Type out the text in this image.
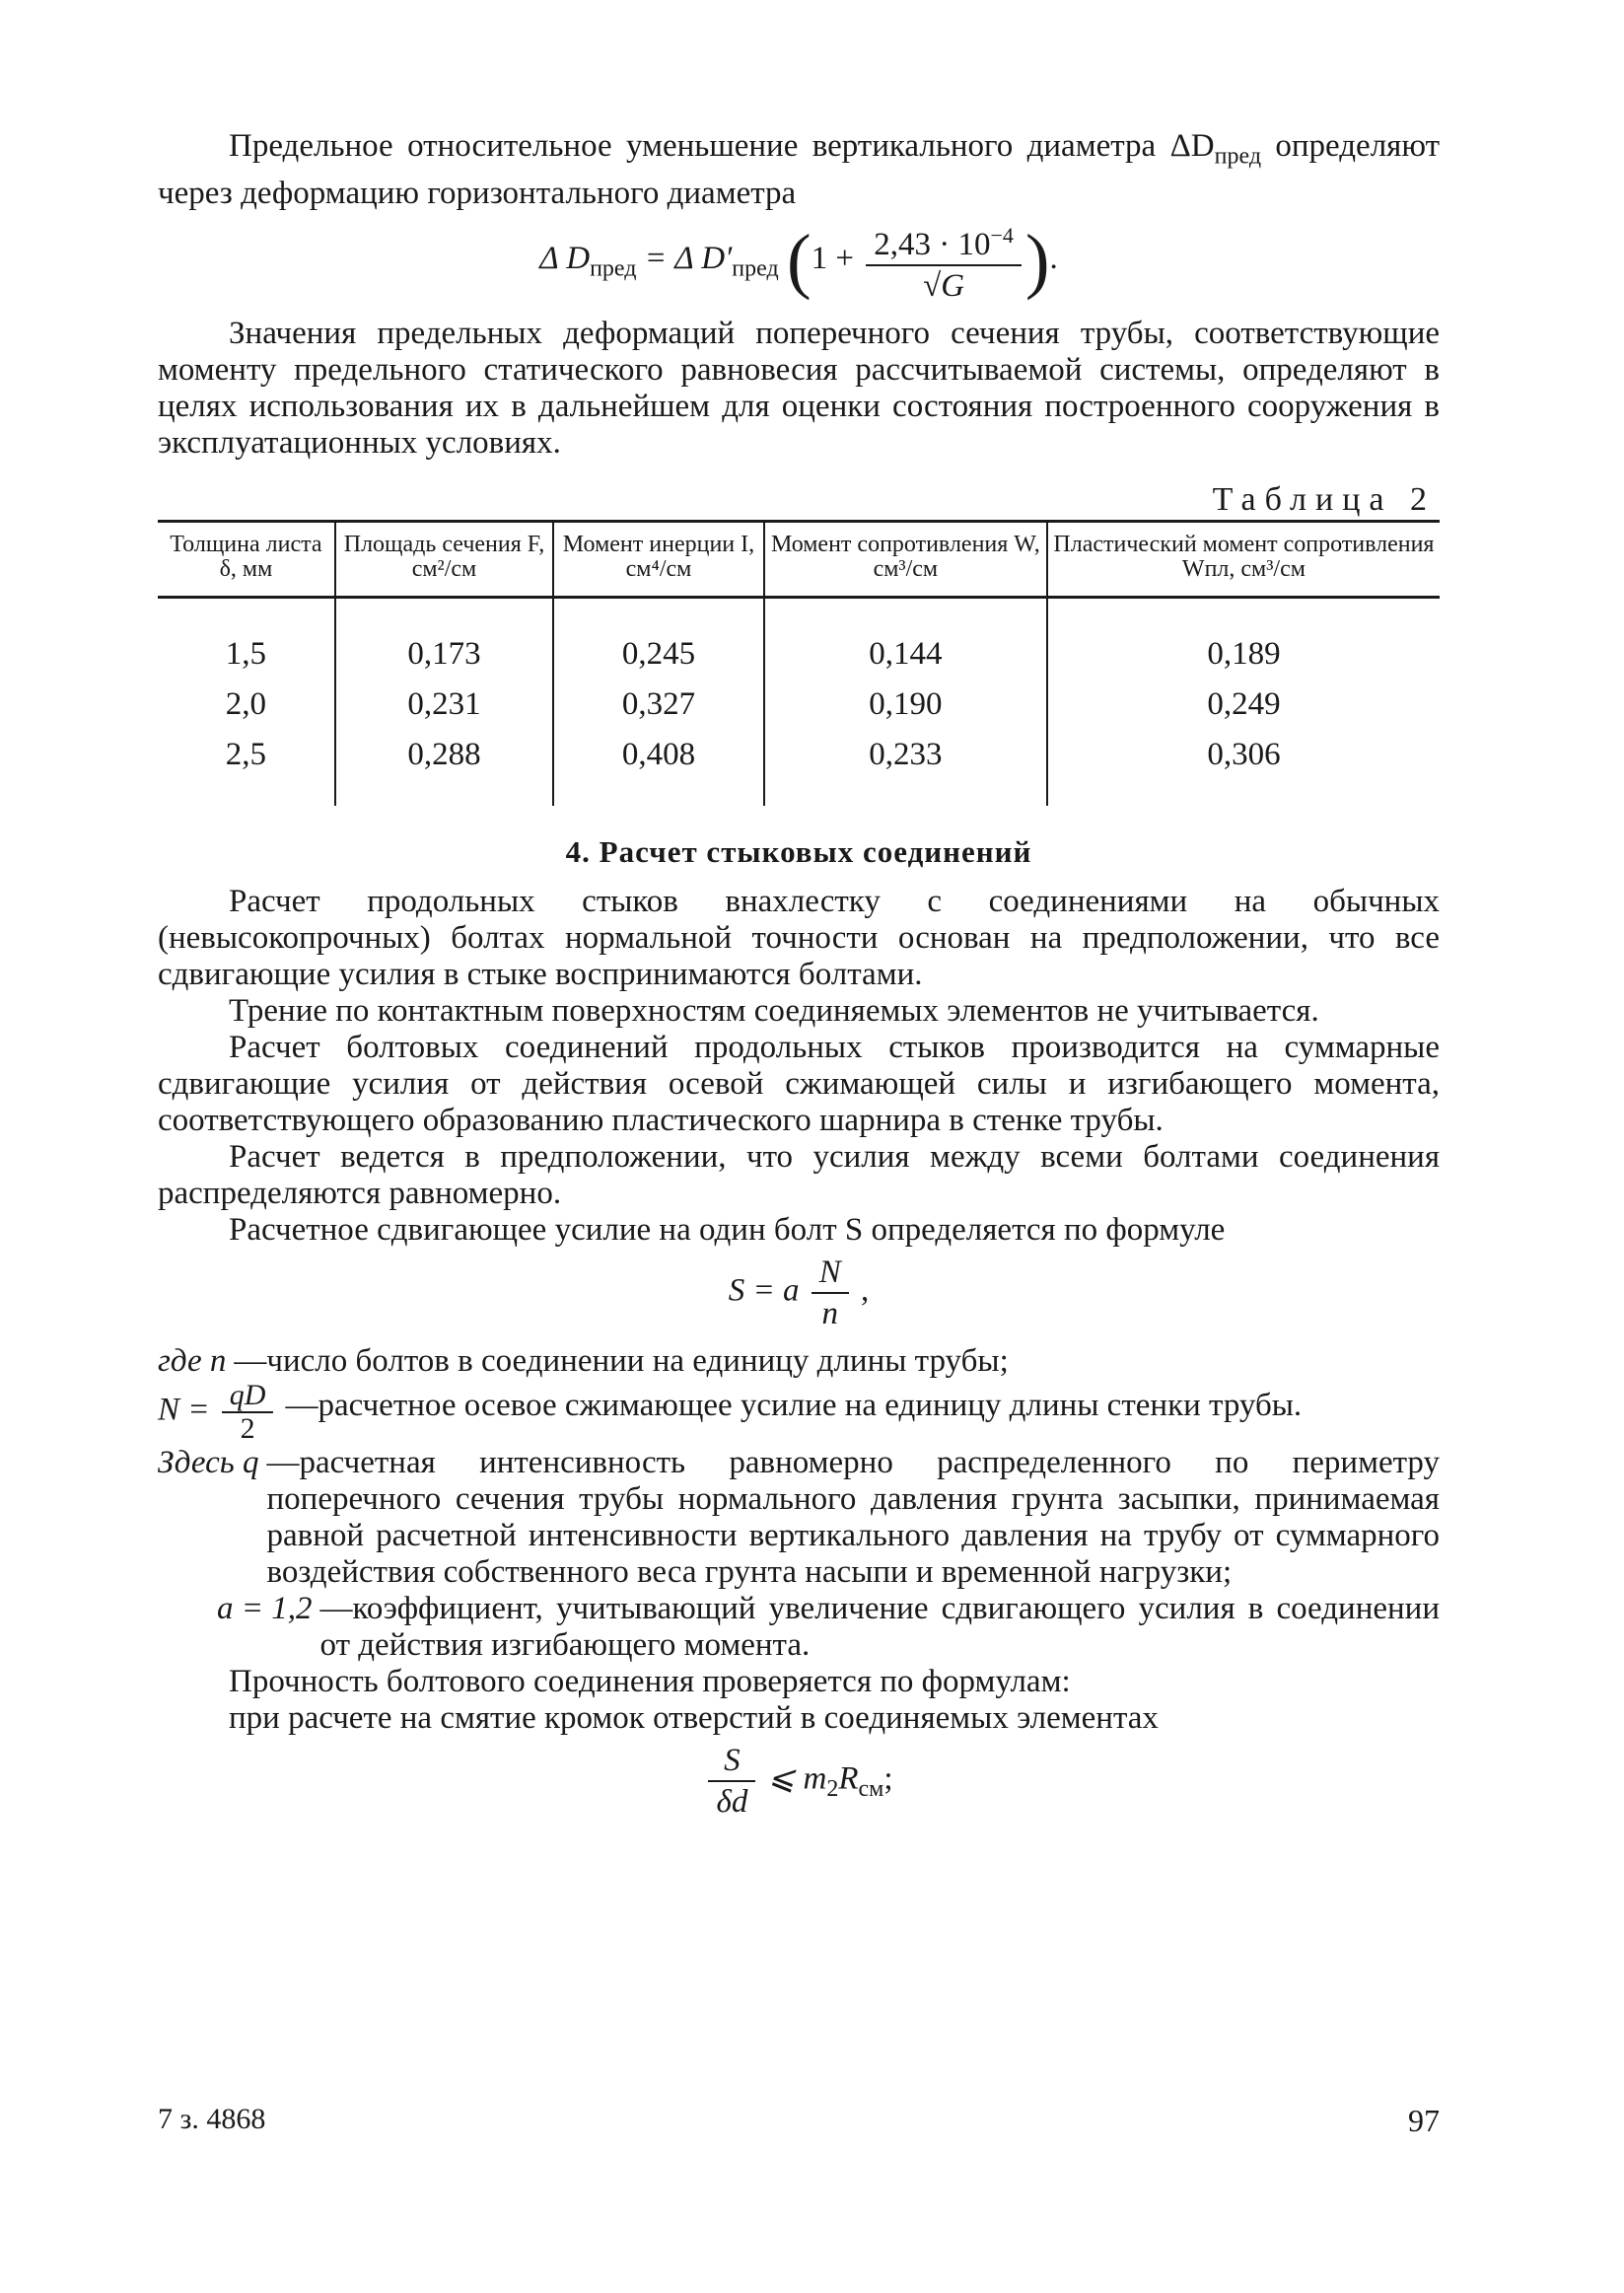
Предельное относительное уменьшение вертикального диаметра $\Delta D_{пред}$ определяют через деформацию горизонтального диаметра

Δ $D_{пред} = \Delta$ $D'_{пред}$ ($1 + \frac{2,43 \cdot 10^{-4}}{√G}$ ).

Значения предельных деформаций поперечного сечения трубы, соответствующие моменту предельного статического равновесия рассчитываемой системы, определяют в целях использования их в дальнейшем для оценки состояния построенного сооружения в эксплуатационных условиях.

Таблица 2
Толщина листа δ, мм	Площадь сечения F, см²/см	Момент инерции I, см⁴/см	Момент сопротивления W, см³/см	Пластический момент сопротивления Wпл, см³/см
1,5	0,173	0,245	0,144	0,189
2,0	0,231	0,327	0,190	0,249
2,5	0,288	0,408	0,233	0,306
4. Расчет стыковых соединений

Расчет продольных стыков внахлестку с соединениями на обычных (невысокопрочных) болтах нормальной точности основан на предположении, что все сдвигающие усилия в стыке воспринимаются болтами.

Трение по контактным поверхностям соединяемых элементов не учитывается.

Расчет болтовых соединений продольных стыков производится на суммарные сдвигающие усилия от действия осевой сжимающей силы и изгибающего момента, соответствующего образованию пластического шарнира в стенке трубы.

Расчет ведется в предположении, что усилия между всеми болтами соединения распределяются равномерно.

Расчетное сдвигающее усилие на один болт S определяется по формуле

S = a $\frac{N}{n}$ ,
где n —число болтов в соединении на единицу длины трубы;
$N = \frac{qD}{2}$ —расчетное осевое сжимающее усилие на единицу длины стенки трубы.
Здесь q —расчетная интенсивность равномерно распределенного по периметру поперечного сечения трубы нормального давления грунта засыпки, принимаемая равной расчетной интенсивности вертикального давления на трубу от суммарного воздействия собственного веса грунта насыпи и временной нагрузки;
a = 1,2 —коэффициент, учитывающий увеличение сдвигающего усилия в соединении от действия изгибающего момента.

Прочность болтового соединения проверяется по формулам:

при расчете на смятие кромок отверстий в соединяемых элементах

$\frac{S}{\delta d}$ ⩽ $m_2R_{см}$;
7 з. 4868	97
